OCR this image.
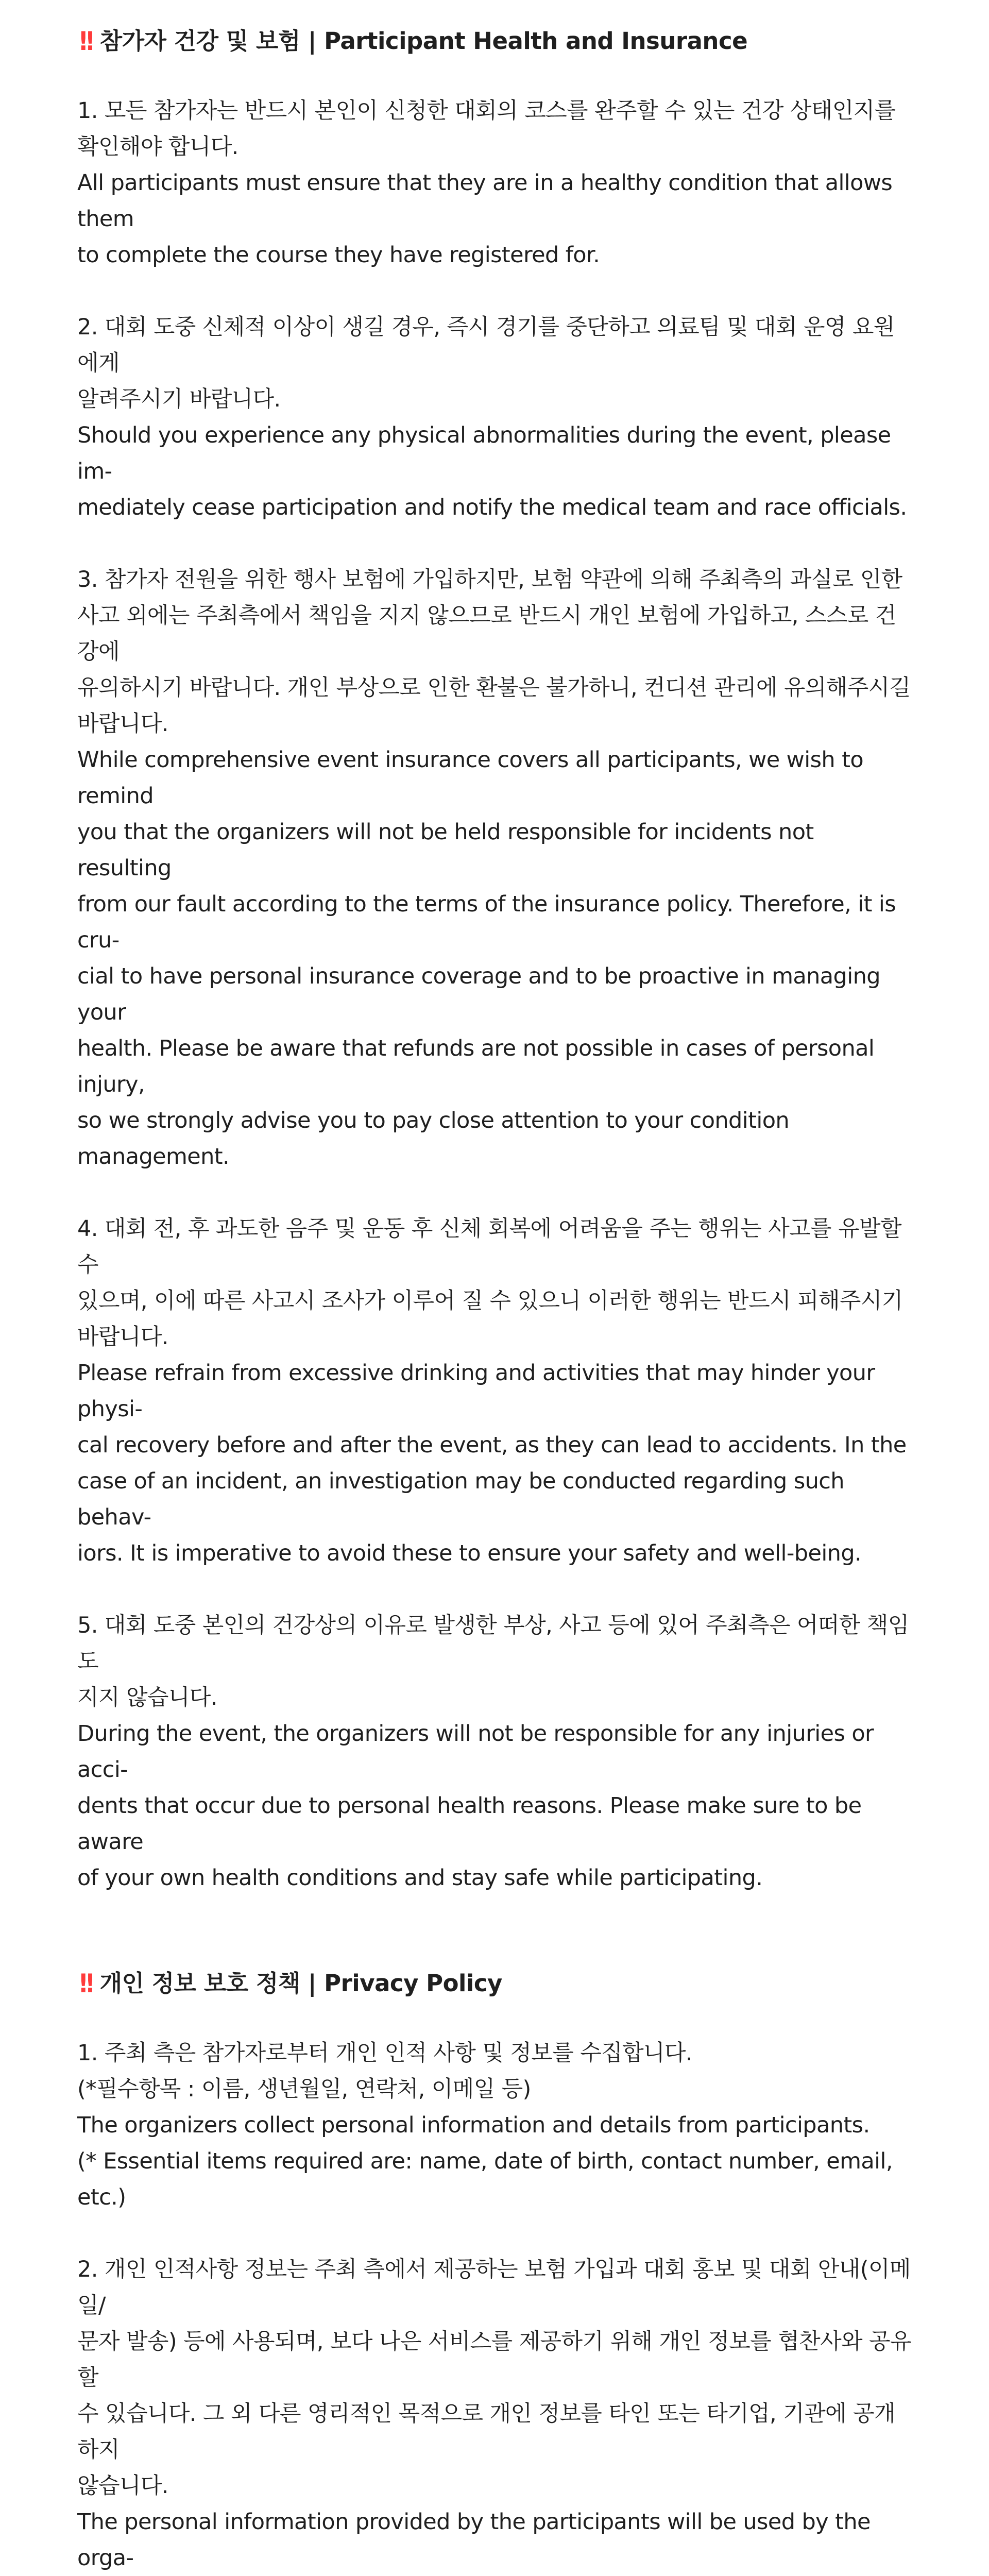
!! 참가자 건강 및 보험 | Participant Health and Insurance

1. 모든 참가자는 반드시 본인이 신청한 대회의 코스를 완주할 수 있는 건강 상태인지를
확인해야 합니다.

All participants must ensure that they are in a healthy condition that allows them
to complete the course they have registered for.

2. 대회 도중 신체적 이상이 생길 경우, 즉시 경기를 중단하고 의료팀 및 대회 운영 요원에게
알려주시기 바랍니다.

Should you experience any physical abnormalities during the event, please im-
mediately cease participation and notify the medical team and race officials.

3. 참가자 전원을 위한 행사 보험에 가입하지만, 보험 약관에 의해 주최측의 과실로 인한
사고 외에는 주최측에서 책임을 지지 않으므로 반드시 개인 보험에 가입하고, 스스로 건강에
유의하시기 바랍니다. 개인 부상으로 인한 환불은 불가하니, 컨디션 관리에 유의해주시길
바랍니다.

While comprehensive event insurance covers all participants, we wish to remind
you that the organizers will not be held responsible for incidents not resulting
from our fault according to the terms of the insurance policy. Therefore, it is cru-
cial to have personal insurance coverage and to be proactive in managing your
health. Please be aware that refunds are not possible in cases of personal injury,
so we strongly advise you to pay close attention to your condition management.

4. 대회 전, 후 과도한 음주 및 운동 후 신체 회복에 어려움을 주는 행위는 사고를 유발할 수
있으며, 이에 따른 사고시 조사가 이루어 질 수 있으니 이러한 행위는 반드시 피해주시기
바랍니다.

Please refrain from excessive drinking and activities that may hinder your physi-
cal recovery before and after the event, as they can lead to accidents. In the
case of an incident, an investigation may be conducted regarding such behav-
iors. It is imperative to avoid these to ensure your safety and well-being.

5. 대회 도중 본인의 건강상의 이유로 발생한 부상, 사고 등에 있어 주최측은 어떠한 책임도
지지 않습니다.

During the event, the organizers will not be responsible for any injuries or acci-
dents that occur due to personal health reasons. Please make sure to be aware
of your own health conditions and stay safe while participating.

!! 개인 정보 보호 정책 | Privacy Policy

1. 주최 측은 참가자로부터 개인 인적 사항 및 정보를 수집합니다.
(*필수항목 : 이름, 생년월일, 연락처, 이메일 등)

The organizers collect personal information and details from participants.
(* Essential items required are: name, date of birth, contact number, email, etc.)

2. 개인 인적사항 정보는 주최 측에서 제공하는 보험 가입과 대회 홍보 및 대회 안내(이메일/
문자 발송) 등에 사용되며, 보다 나은 서비스를 제공하기 위해 개인 정보를 협찬사와 공유할
수 있습니다. 그 외 다른 영리적인 목적으로 개인 정보를 타인 또는 타기업, 기관에 공개하지
않습니다.

The personal information provided by the participants will be used by the orga-
